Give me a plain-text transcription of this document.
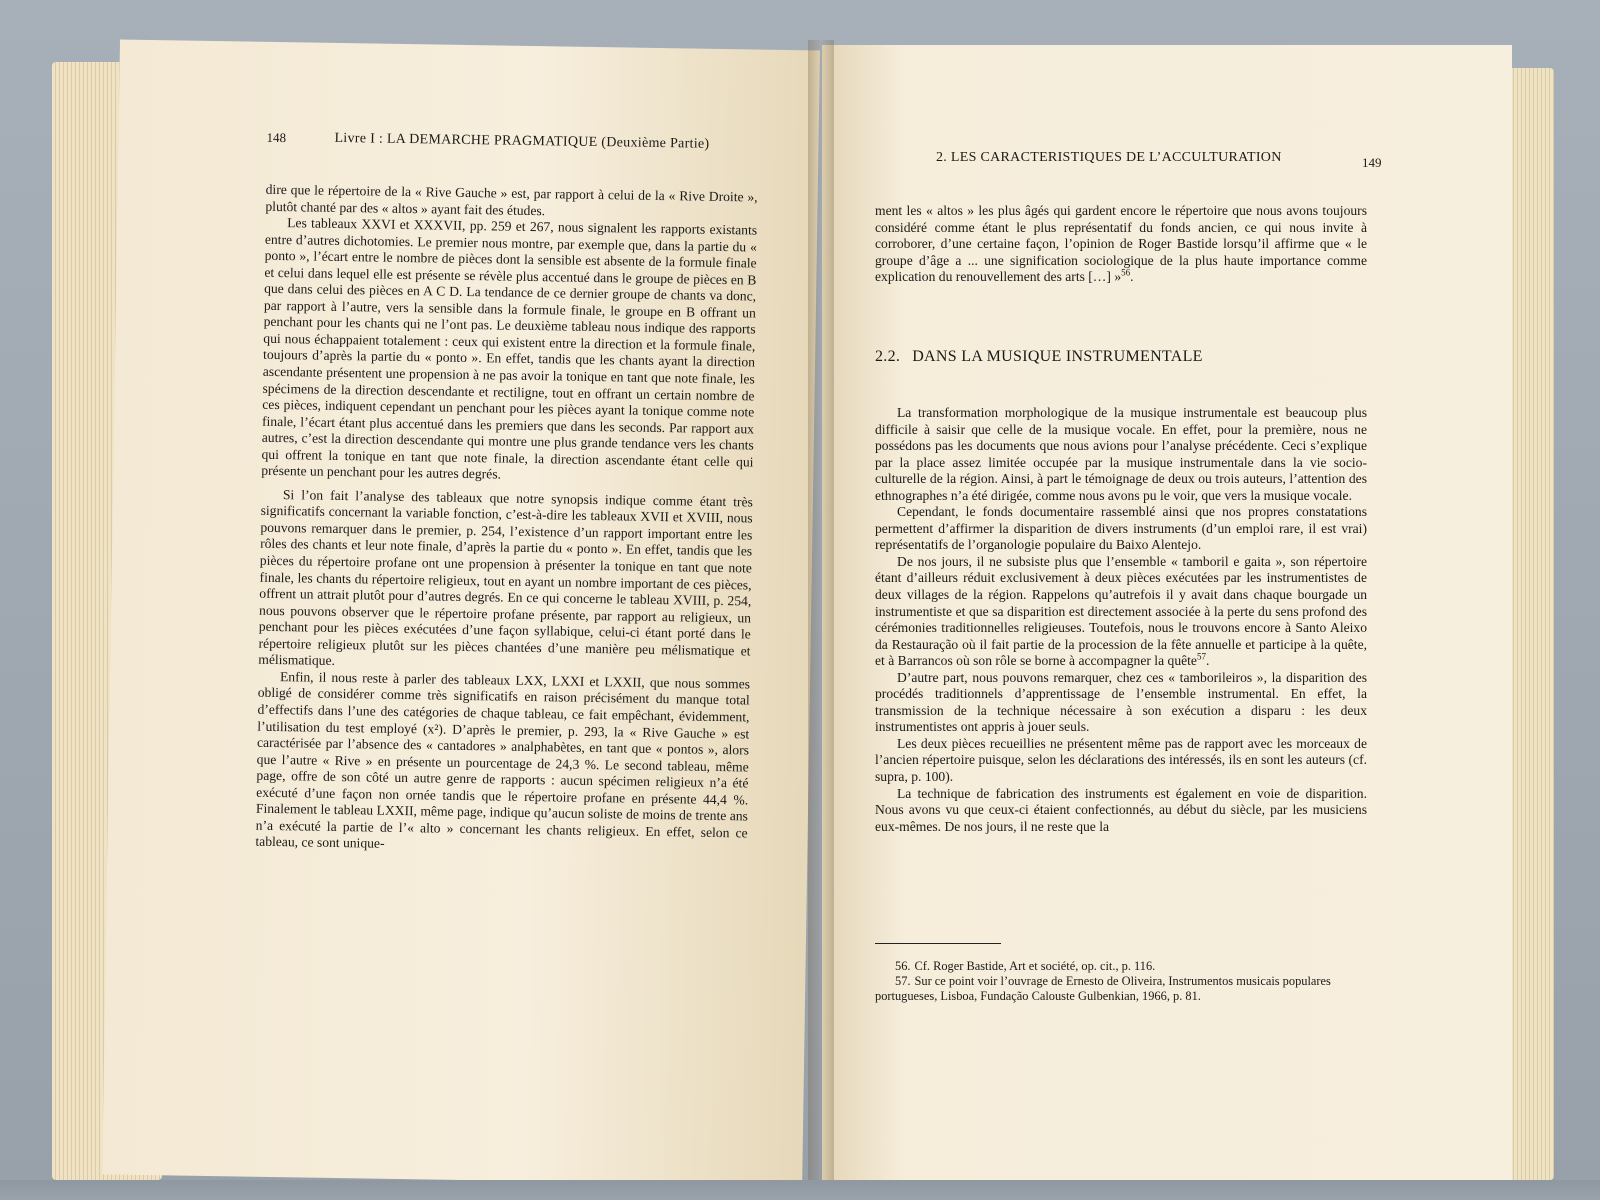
148	Livre I : LA DEMARCHE PRAGMATIQUE (Deuxième Partie)

dire que le répertoire de la « Rive Gauche » est, par rapport à celui de la « Rive Droite », plutôt chanté par des « altos » ayant fait des études.

Les tableaux XXVI et XXXVII, pp. 259 et 267, nous signalent les rapports existants entre d’autres dichotomies. Le premier nous montre, par exemple que, dans la partie du « ponto », l’écart entre le nombre de pièces dont la sensible est absente de la formule finale et celui dans lequel elle est présente se révèle plus accentué dans le groupe de pièces en B que dans celui des pièces en A C D. La tendance de ce dernier groupe de chants va donc, par rapport à l’autre, vers la sensible dans la formule finale, le groupe en B offrant un penchant pour les chants qui ne l’ont pas. Le deuxième tableau nous indique des rapports qui nous échappaient totalement : ceux qui existent entre la direction et la formule finale, toujours d’après la partie du « ponto ». En effet, tandis que les chants ayant la direction ascendante présentent une propension à ne pas avoir la tonique en tant que note finale, les spécimens de la direction descendante et rectiligne, tout en offrant un certain nombre de ces pièces, indiquent cependant un penchant pour les pièces ayant la tonique comme note finale, l’écart étant plus accentué dans les premiers que dans les seconds. Par rapport aux autres, c’est la direction descendante qui montre une plus grande tendance vers les chants qui offrent la tonique en tant que note finale, la direction ascendante étant celle qui présente un penchant pour les autres degrés.

Si l’on fait l’analyse des tableaux que notre synopsis indique comme étant très significatifs concernant la variable fonction, c’est-à-dire les tableaux XVII et XVIII, nous pouvons remarquer dans le premier, p. 254, l’existence d’un rapport important entre les rôles des chants et leur note finale, d’après la partie du « ponto ». En effet, tandis que les pièces du répertoire profane ont une propension à présenter la tonique en tant que note finale, les chants du répertoire religieux, tout en ayant un nombre important de ces pièces, offrent un attrait plutôt pour d’autres degrés. En ce qui concerne le tableau XVIII, p. 254, nous pouvons observer que le répertoire profane présente, par rapport au religieux, un penchant pour les pièces exécutées d’une façon syllabique, celui-ci étant porté dans le répertoire religieux plutôt sur les pièces chantées d’une manière peu mélismatique et mélismatique.

Enfin, il nous reste à parler des tableaux LXX, LXXI et LXXII, que nous sommes obligé de considérer comme très significatifs en raison précisément du manque total d’effectifs dans l’une des catégories de chaque tableau, ce fait empêchant, évidemment, l’utilisation du test employé (x²). D’après le premier, p. 293, la « Rive Gauche » est caractérisée par l’absence des « cantadores » analphabètes, en tant que « pontos », alors que l’autre « Rive » en présente un pourcentage de 24,3 %. Le second tableau, même page, offre de son côté un autre genre de rapports : aucun spécimen religieux n’a été exécuté d’une façon non ornée tandis que le répertoire profane en présente 44,4 %. Finalement le tableau LXXII, même page, indique qu’aucun soliste de moins de trente ans n’a exécuté la partie de l’« alto » concernant les chants religieux. En effet, selon ce tableau, ce sont unique-

2. LES CARACTERISTIQUES DE L’ACCULTURATION	149

ment les « altos » les plus âgés qui gardent encore le répertoire que nous avons toujours considéré comme étant le plus représentatif du fonds ancien, ce qui nous invite à corroborer, d’une certaine façon, l’opinion de Roger Bastide lorsqu’il affirme que « le groupe d’âge a ... une signification sociologique de la plus haute importance comme explication du renouvellement des arts […] »$^{56}$.

2.2. DANS LA MUSIQUE INSTRUMENTALE

La transformation morphologique de la musique instrumentale est beaucoup plus difficile à saisir que celle de la musique vocale. En effet, pour la première, nous ne possédons pas les documents que nous avions pour l’analyse précédente. Ceci s’explique par la place assez limitée occupée par la musique instrumentale dans la vie socio-culturelle de la région. Ainsi, à part le témoignage de deux ou trois auteurs, l’attention des ethnographes n’a été dirigée, comme nous avons pu le voir, que vers la musique vocale.

Cependant, le fonds documentaire rassemblé ainsi que nos propres constatations permettent d’affirmer la disparition de divers instruments (d’un emploi rare, il est vrai) représentatifs de l’organologie populaire du Baixo Alentejo.

De nos jours, il ne subsiste plus que l’ensemble « tamboril e gaita », son répertoire étant d’ailleurs réduit exclusivement à deux pièces exécutées par les instrumentistes de deux villages de la région. Rappelons qu’autrefois il y avait dans chaque bourgade un instrumentiste et que sa disparition est directement associée à la perte du sens profond des cérémonies traditionnelles religieuses. Toutefois, nous le trouvons encore à Santo Aleixo da Restauração où il fait partie de la procession de la fête annuelle et participe à la quête, et à Barrancos où son rôle se borne à accompagner la quête$^{57}$.

D’autre part, nous pouvons remarquer, chez ces « tamborileiros », la disparition des procédés traditionnels d’apprentissage de l’ensemble instrumental. En effet, la transmission de la technique nécessaire à son exécution a disparu : les deux instrumentistes ont appris à jouer seuls.

Les deux pièces recueillies ne présentent même pas de rapport avec les morceaux de l’ancien répertoire puisque, selon les déclarations des intéressés, ils en sont les auteurs (cf. supra, p. 100).

La technique de fabrication des instruments est également en voie de disparition. Nous avons vu que ceux-ci étaient confectionnés, au début du siècle, par les musiciens eux-mêmes. De nos jours, il ne reste que la

56. Cf. Roger Bastide, Art et société, op. cit., p. 116.
57. Sur ce point voir l’ouvrage de Ernesto de Oliveira, Instrumentos musicais populares portugueses, Lisboa, Fundação Calouste Gulbenkian, 1966, p. 81.
